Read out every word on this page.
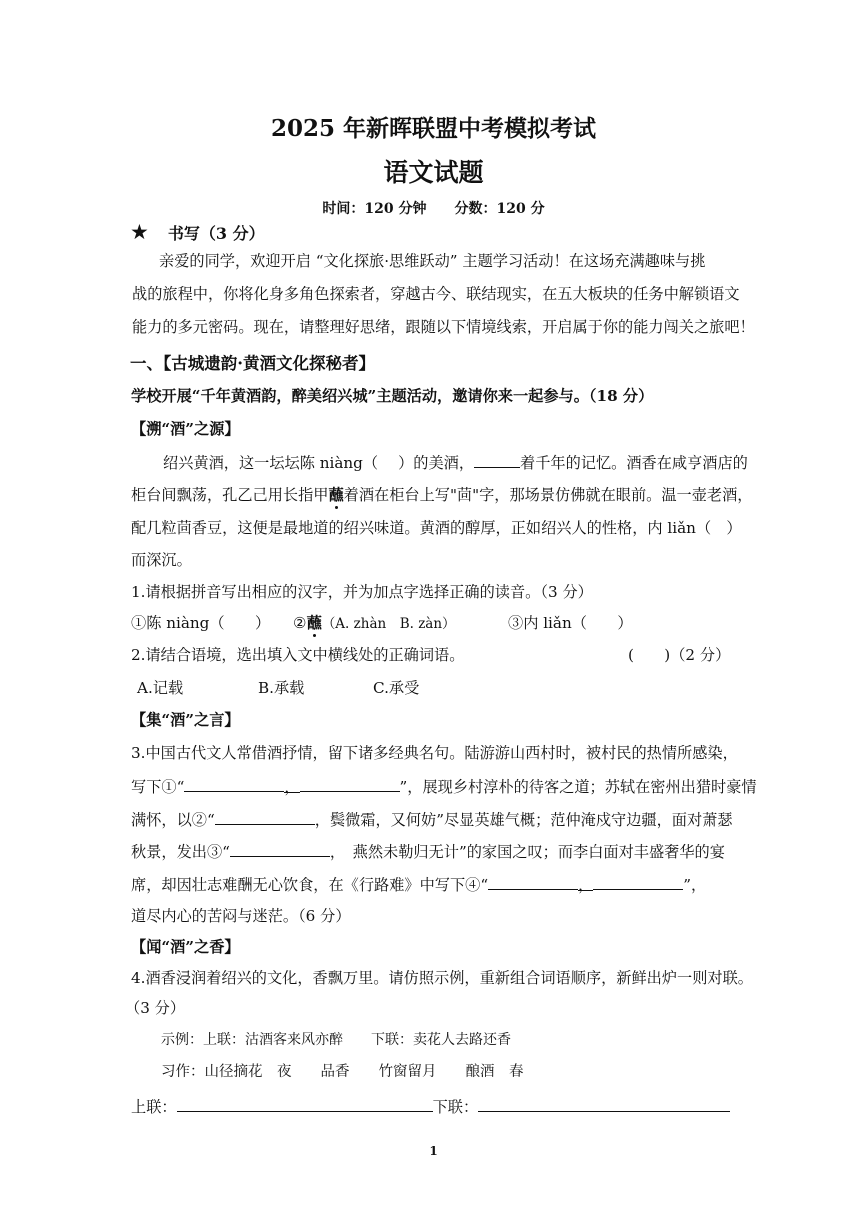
2025 年新晖联盟中考模拟考试
语文试题
时间：120 分钟　　分数：120 分
★ 书写（3 分）
亲爱的同学，欢迎开启 “文化探旅·思维跃动” 主题学习活动！在这场充满趣味与挑
战的旅程中，你将化身多角色探索者，穿越古今、联结现实，在五大板块的任务中解锁语文
能力的多元密码。现在，请整理好思绪，跟随以下情境线索，开启属于你的能力闯关之旅吧！
一、【古城遗韵·黄酒文化探秘者】
学校开展“千年黄酒韵，醉美绍兴城”主题活动，邀请你来一起参与。（18 分）
【溯“酒”之源】
绍兴黄酒，这一坛坛陈 niàng（　 ）的美酒，	着千年的记忆。酒香在咸亨酒店的
柜台间飘荡，孔乙己用长指甲蘸着酒在柜台上写"茴"字，那场景仿佛就在眼前。温一壶老酒，
配几粒茴香豆，这便是最地道的绍兴味道。黄酒的醇厚，正如绍兴人的性格，内 liǎn（　）
而深沉。
1.请根据拼音写出相应的汉字，并为加点字选择正确的读音。（3 分）
①陈 niàng（　　） ②蘸（A. zhàn　B. zàn）	③内 liǎn（　　）
2.请结合语境，选出填入文中横线处的正确词语。	(　　)（2 分）
A.记载	B.承载	C.承受
【集“酒”之言】
3.中国古代文人常借酒抒情，留下诸多经典名句。陆游游山西村时，被村民的热情所感染，
写下①“	，	”，展现乡村淳朴的待客之道；苏轼在密州出猎时豪情
满怀，以②“	，鬓微霜，又何妨”尽显英雄气概；范仲淹戍守边疆，面对萧瑟
秋景，发出③“	，　燕然未勒归无计”的家国之叹；而李白面对丰盛奢华的宴
席，却因壮志难酬无心饮食，在《行路难》中写下④“	，	”，
道尽内心的苦闷与迷茫。（6 分）
【闻“酒”之香】
4.酒香浸润着绍兴的文化，香飘万里。请仿照示例，重新组合词语顺序，新鲜出炉一则对联。
（3 分）
示例：上联：沽酒客来风亦醉　　下联：卖花人去路还香
习作：山径摘花　夜　　品香　　竹窗留月　　酿酒　春
上联：	下联：
1
